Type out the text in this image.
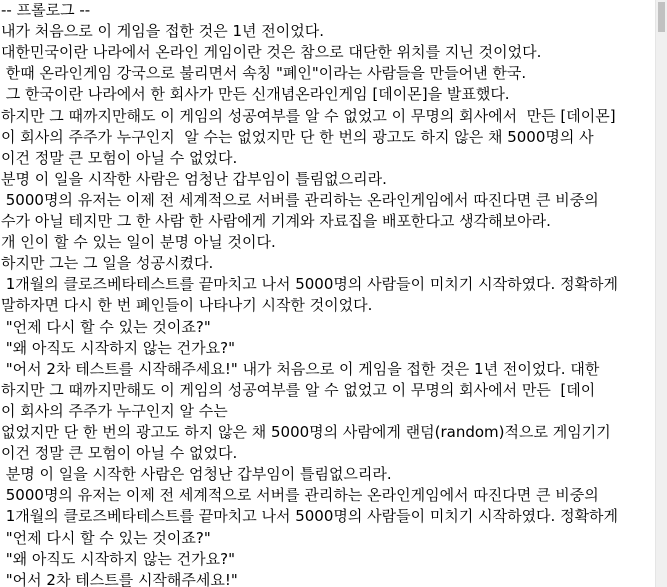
-- 프롤로그 --
내가 처음으로 이 게임을 접한 것은 1년 전이었다.
대한민국이란 나라에서 온라인 게임이란 것은 참으로 대단한 위치를 지닌 것이었다.
한때 온라인게임 강국으로 불리면서 속칭 "폐인"이라는 사람들을 만들어낸 한국.
그 한국이란 나라에서 한 회사가 만든 신개념온라인게임 [데이몬]을 발표했다.
하지만 그 때까지만해도 이 게임의 성공여부를 알 수 없었고 이 무명의 회사에서  만든 [데이몬]
이 회사의 주주가 누구인지  알 수는 없었지만 단 한 번의 광고도 하지 않은 채 5000명의 사
이건 정말 큰 모험이 아닐 수 없었다.
분명 이 일을 시작한 사람은 엄청난 갑부임이 틀림없으리라.
5000명의 유저는 이제 전 세계적으로 서버를 관리하는 온라인게임에서 따진다면 큰 비중의
수가 아닐 테지만 그 한 사람 한 사람에게 기계와 자료집을 배포한다고 생각해보아라.
개 인이 할 수 있는 일이 분명 아닐 것이다.
하지만 그는 그 일을 성공시켰다.
1개월의 클로즈베타테스트를 끝마치고 나서 5000명의 사람들이 미치기 시작하였다. 정확하게
말하자면 다시 한 번 폐인들이 나타나기 시작한 것이었다.
"언제 다시 할 수 있는 것이죠?"
"왜 아직도 시작하지 않는 건가요?"
"어서 2차 테스트를 시작해주세요!" 내가 처음으로 이 게임을 접한 것은 1년 전이었다. 대한
하지만 그 때까지만해도 이 게임의 성공여부를 알 수 없었고 이 무명의 회사에서 만든  [데이
이 회사의 주주가 누구인지 알 수는
없었지만 단 한 번의 광고도 하지 않은 채 5000명의 사람에게 랜덤(random)적으로 게임기기
이건 정말 큰 모험이 아닐 수 없었다.
분명 이 일을 시작한 사람은 엄청난 갑부임이 틀림없으리라.
5000명의 유저는 이제 전 세계적으로 서버를 관리하는 온라인게임에서 따진다면 큰 비중의
1개월의 클로즈베타테스트를 끝마치고 나서 5000명의 사람들이 미치기 시작하였다. 정확하게
"언제 다시 할 수 있는 것이죠?"
"왜 아직도 시작하지 않는 건가요?"
"어서 2차 테스트를 시작해주세요!"
